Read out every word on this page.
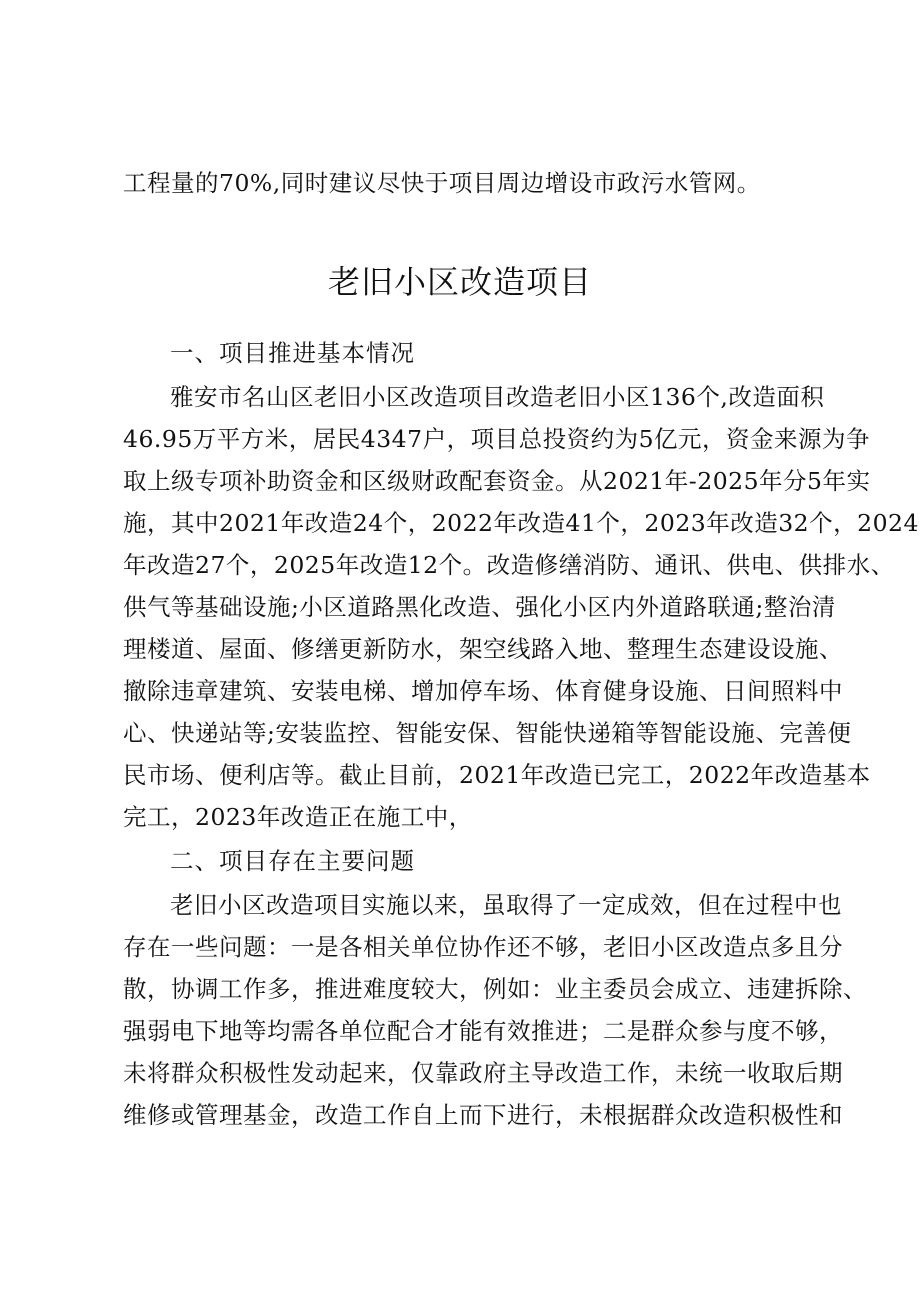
工程量的70%,同时建议尽快于项目周边增设市政污水管网。
老旧小区改造项目
一、项目推进基本情况
雅安市名山区老旧小区改造项目改造老旧小区136个,改造面积
46.95万平方米，居民4347户，项目总投资约为5亿元，资金来源为争
取上级专项补助资金和区级财政配套资金。从2021年-2025年分5年实
施，其中2021年改造24个，2022年改造41个，2023年改造32个，2024
年改造27个，2025年改造12个。改造修缮消防、通讯、供电、供排水、
供气等基础设施;小区道路黑化改造、强化小区内外道路联通;整治清
理楼道、屋面、修缮更新防水，架空线路入地、整理生态建设设施、
撤除违章建筑、安装电梯、增加停车场、体育健身设施、日间照料中
心、快递站等;安装监控、智能安保、智能快递箱等智能设施、完善便
民市场、便利店等。截止目前，2021年改造已完工，2022年改造基本
完工，2023年改造正在施工中，
二、项目存在主要问题
老旧小区改造项目实施以来，虽取得了一定成效，但在过程中也
存在一些问题：一是各相关单位协作还不够，老旧小区改造点多且分
散，协调工作多，推进难度较大，例如：业主委员会成立、违建拆除、
强弱电下地等均需各单位配合才能有效推进；二是群众参与度不够，
未将群众积极性发动起来，仅靠政府主导改造工作，未统一收取后期
维修或管理基金，改造工作自上而下进行，未根据群众改造积极性和
